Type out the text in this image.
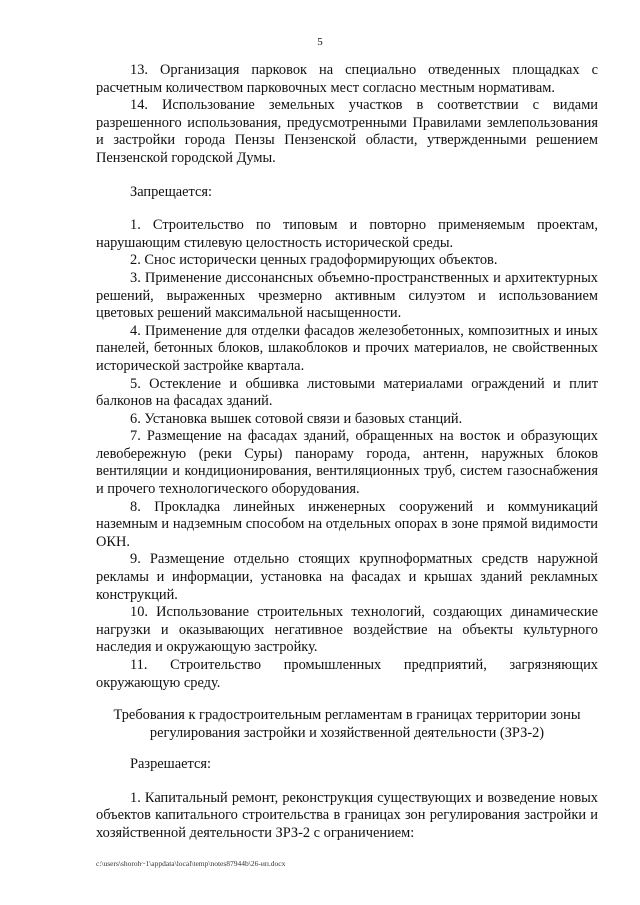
5

13. Организация парковок на специально отведенных площадках с расчетным количеством парковочных мест согласно местным нормативам.

14. Использование земельных участков в соответствии с видами разрешенного использования, предусмотренными Правилами землепользования и застройки города Пензы Пензенской области, утвержденными решением Пензенской городской Думы.

Запрещается:

1. Строительство по типовым и повторно применяемым проектам, нарушающим стилевую целостность исторической среды.

2. Снос исторически ценных градоформирующих объектов.

3. Применение диссонансных объемно-пространственных и архитектурных решений, выраженных чрезмерно активным силуэтом и использованием цветовых решений максимальной насыщенности.

4. Применение для отделки фасадов железобетонных, композитных и иных панелей, бетонных блоков, шлакоблоков и прочих материалов, не свойственных исторической застройке квартала.

5. Остекление и обшивка листовыми материалами ограждений и плит балконов на фасадах зданий.

6. Установка вышек сотовой связи и базовых станций.

7. Размещение на фасадах зданий, обращенных на восток и образующих левобережную (реки Суры) панораму города, антенн, наружных блоков вентиляции и кондиционирования, вентиляционных труб, систем газоснабжения и прочего технологического оборудования.

8. Прокладка линейных инженерных сооружений и коммуникаций наземным и надземным способом на отдельных опорах в зоне прямой видимости ОКН.

9. Размещение отдельно стоящих крупноформатных средств наружной рекламы и информации, установка на фасадах и крышах зданий рекламных конструкций.

10. Использование строительных технологий, создающих динамические нагрузки и оказывающих негативное воздействие на объекты культурного наследия и окружающую застройку.

11. Строительство промышленных предприятий, загрязняющих окружающую среду.

Требования к градостроительным регламентам в границах территории зоны регулирования застройки и хозяйственной деятельности (ЗРЗ-2)

Разрешается:

1. Капитальный ремонт, реконструкция существующих и возведение новых объектов капитального строительства в границах зон регулирования застройки и хозяйственной деятельности ЗРЗ-2 с ограничением:

c:\users\shoroh~1\appdata\local\temp\notes87944b\26-ип.docx
